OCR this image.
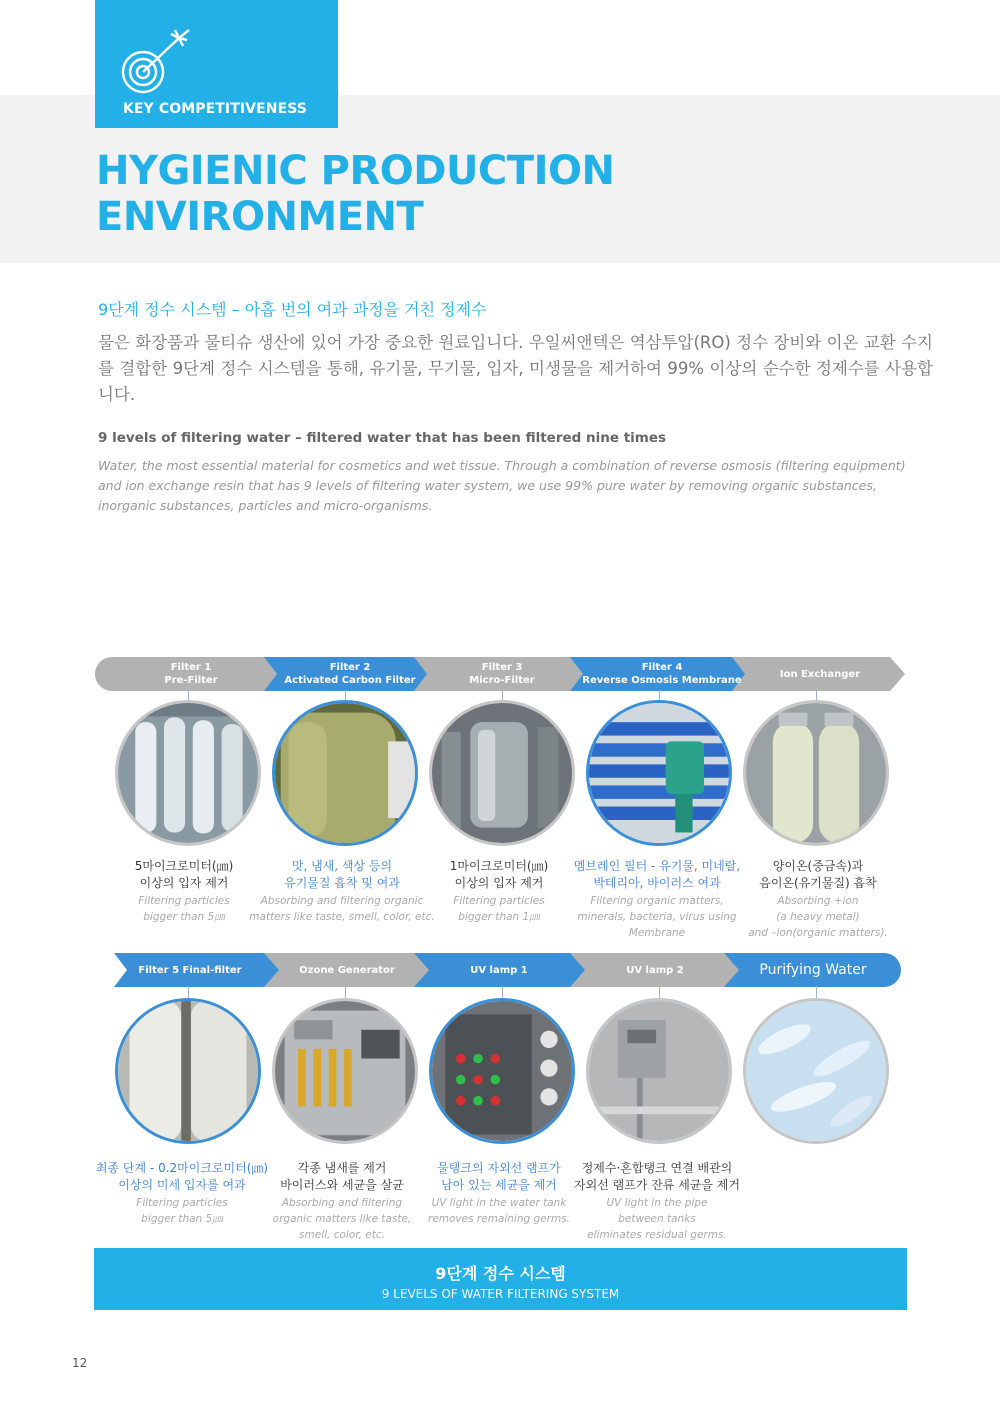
KEY COMPETITIVENESS
HYGIENIC PRODUCTION
ENVIRONMENT
9단계 정수 시스템 – 아홉 번의 여과 과정을 거친 정제수
물은 화장품과 물티슈 생산에 있어 가장 중요한 원료입니다. 우일씨앤텍은 역삼투압(RO) 정수 장비와 이온 교환 수지를 결합한 9단계 정수 시스템을 통해, 유기물, 무기물, 입자, 미생물을 제거하여 99% 이상의 순수한 정제수를 사용합니다.
9 levels of filtering water – filtered water that has been filtered nine times
Water, the most essential material for cosmetics and wet tissue. Through a combination of reverse osmosis (filtering equipment) and ion exchange resin that has 9 levels of filtering water system, we use 99% pure water by removing organic substances, inorganic substances, particles and micro-organisms.
Filter 1
Pre-Filter
Filter 2
Activated Carbon Filter
Filter 3
Micro-Filter
Filter 4
Reverse Osmosis Membrane
Ion Exchanger
5마이크로미터(㎛)
이상의 입자 제거
Filtering particles
bigger than 5㎛
맛, 냄새, 색상 등의
유기물질 흡착 및 여과
Absorbing and filtering organic
matters like taste, smell, color, etc.
1마이크로미터(㎛)
이상의 입자 제거
Filtering particles
bigger than 1㎛
멤브레인 필터 - 유기물, 미네랄,
박테리아, 바이러스 여과
Filtering organic matters,
minerals, bacteria, virus using
Membrane
양이온(중금속)과
음이온(유기물질) 흡착
Absorbing +ion
(a heavy metal)
and –ion(organic matters).
Filter 5 Final-filter	Ozone Generator	UV lamp 1	UV lamp 2	Purifying Water
최종 단계 - 0.2마이크로미터(㎛)
이상의 미세 입자를 여과
Filtering particles
bigger than 5㎛
각종 냄새를 제거
바이러스와 세균을 살균
Absorbing and filtering
organic matters like taste,
smell, color, etc.
물탱크의 자외선 램프가
남아 있는 세균을 제거
UV light in the water tank
removes remaining germs.
정제수·혼합탱크 연결 배관의
자외선 램프가 잔류 세균을 제거
UV light in the pipe
between tanks
eliminates residual germs.
9단계 정수 시스템
9 LEVELS OF WATER FILTERING SYSTEM
12
